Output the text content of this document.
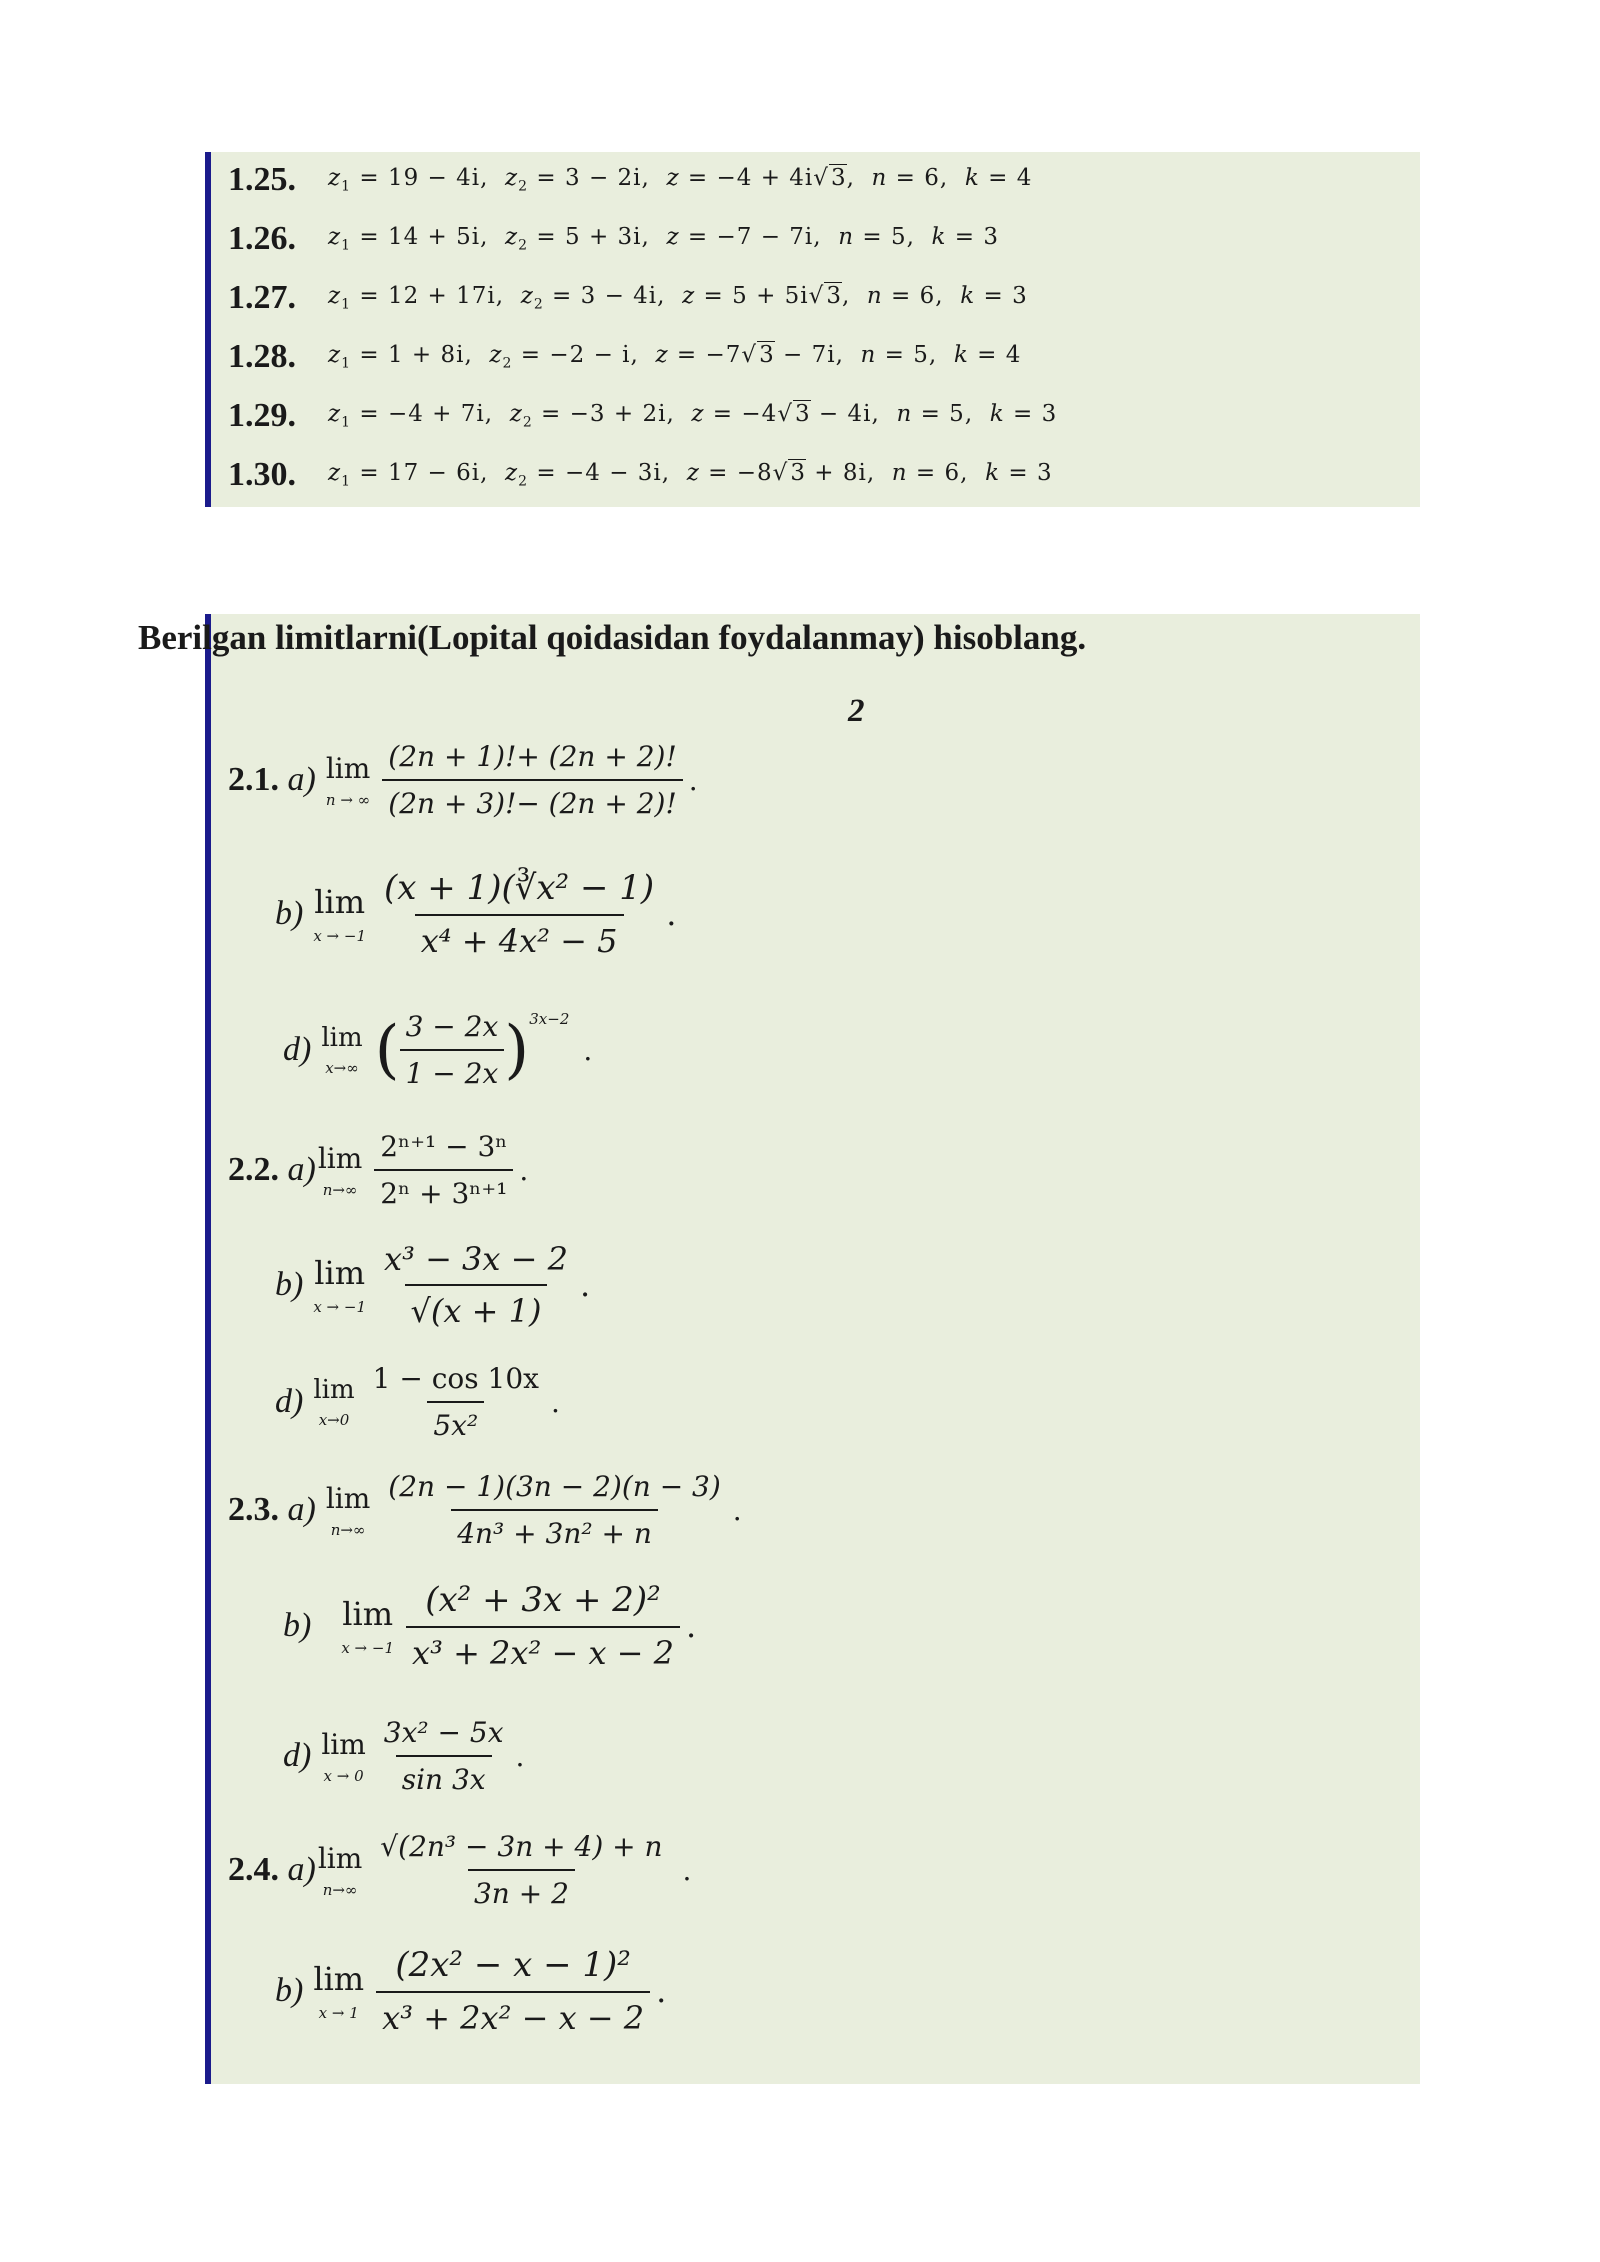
1.25.	$z_1 = 19 - 4i$,  $z_2 = 3 - 2i$,  z = −4 + 4i√3,  n = 6,  k = 4
1.26.	$z_1 = 14 + 5i$,  $z_2 = 5 + 3i$,  z = −7 − 7i,  n = 5,  k = 3
1.27.	$z_1 = 12 + 17i$,  $z_2 = 3 - 4i$,  z = 5 + 5i√3,  n = 6,  k = 3
1.28.	$z_1 = 1 + 8i$,  $z_2 = -2 - i$,  z = −7√3 − 7i,  n = 5,  k = 4
1.29.	$z_1 = -4 + 7i$,  $z_2 = -3 + 2i$,  z = −4√3 − 4i,  n = 5,  k = 3
1.30.	$z_1 = 17 - 6i$,  $z_2 = -4 - 3i$,  z = −8√3 + 8i,  n = 6,  k = 3
Berilgan limitlarni(Lopital qoidasidan foydalanmay) hisoblang.
2
2.1. a) lim
n → ∞ $\frac{(2n + 1)!+ (2n + 2)!}{(2n + 3)!- (2n + 2)!}$ .
b) lim
$x \to -1 \frac{\text{(x + 1)(∛x² − 1)}}{\text{x⁴ + 4x² − 5}}$ .
d) lim
x→∞ ( $\frac{3 - 2x}{1 - 2x} )^{3x-2}$
.
2.2. a) lim
$n\to\infty \frac{\text{2ⁿ⁺¹ − 3ⁿ}}{\text{2ⁿ + 3ⁿ⁺¹}}$ .
b) lim
$x \to -1 \frac{\text{x³ − 3x − 2}}{√(x + 1)}$ .
d) lim
$x\to 0 \frac{1 - \cos 10x}{\text{5x²}}$ .
2.3. a) lim
$n\to\infty \frac{(2n - 1)(3n - 2)(n - 3)}{\text{4n³ + 3n² + n}}$ .
b) lim
$x \to -1 \frac{\text{(x² + 3x + 2)²}}{\text{x³ + 2x² − x − 2}}$ .
d) lim
$x \to 0 \frac{\text{3x² − 5x}}{\sin 3x}$ .
2.4. a) lim
$n\to\infty \frac{\text{√(2n³ − 3n + 4) + n}}{3n + 2}$ .
b) lim
$x \to 1 \frac{\text{(2x² − x − 1)²}}{\text{x³ + 2x² − x − 2}}$ .
